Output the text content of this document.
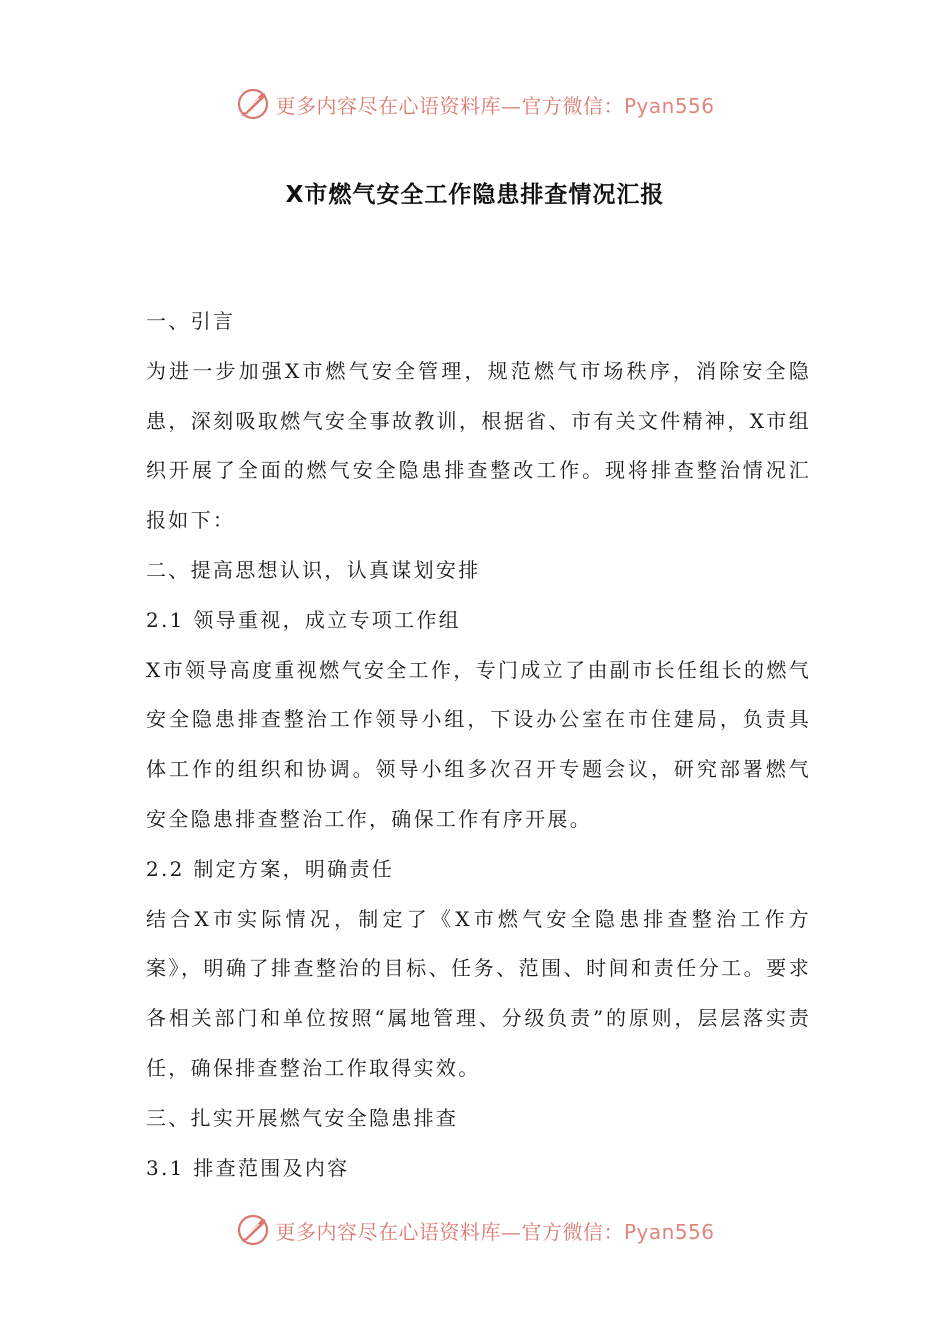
更多内容尽在心语资料库—官方微信：Pyan556
X市燃气安全工作隐患排查情况汇报

一、引言

为进一步加强X市燃气安全管理，规范燃气市场秩序，消除安全隐患，深刻吸取燃气安全事故教训，根据省、市有关文件精神，X市组织开展了全面的燃气安全隐患排查整改工作。现将排查整治情况汇报如下：

二、提高思想认识，认真谋划安排

2.1 领导重视，成立专项工作组

X市领导高度重视燃气安全工作，专门成立了由副市长任组长的燃气安全隐患排查整治工作领导小组，下设办公室在市住建局，负责具体工作的组织和协调。领导小组多次召开专题会议，研究部署燃气安全隐患排查整治工作，确保工作有序开展。

2.2 制定方案，明确责任

结合X市实际情况，制定了《X市燃气安全隐患排查整治工作方案》，明确了排查整治的目标、任务、范围、时间和责任分工。要求各相关部门和单位按照“属地管理、分级负责”的原则，层层落实责任，确保排查整治工作取得实效。

三、扎实开展燃气安全隐患排查

3.1 排查范围及内容

更多内容尽在心语资料库—官方微信：Pyan556
